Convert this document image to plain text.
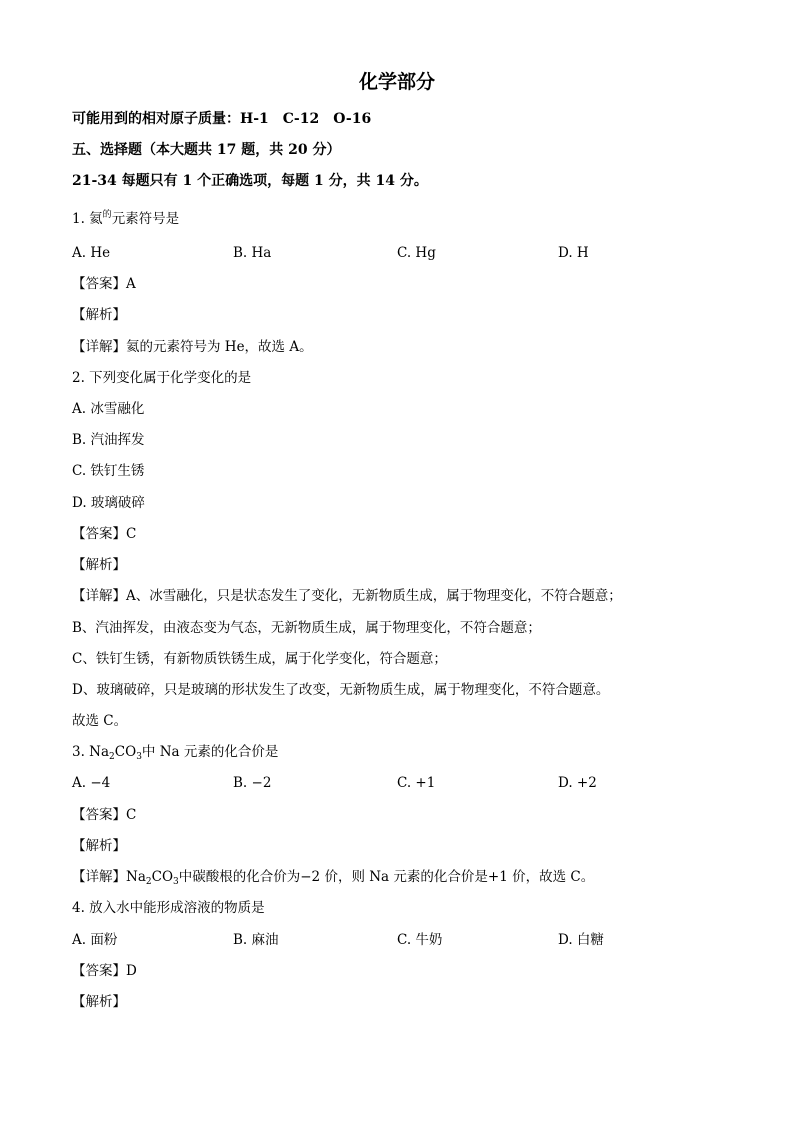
化学部分
可能用到的相对原子质量：H-1　C-12　O-16
五、选择题（本大题共 17 题，共 20 分）
21-34 每题只有 1 个正确选项，每题 1 分，共 14 分。
1. 氦$^的$元素符号是
A. He	B. Ha	C. Hg	D. H
【答案】A
【解析】
【详解】氦的元素符号为 He，故选 A。
2. 下列变化属于化学变化的是
A. 冰雪融化
B. 汽油挥发
C. 铁钉生锈
D. 玻璃破碎
【答案】C
【解析】
【详解】A、冰雪融化，只是状态发生了变化，无新物质生成，属于物理变化，不符合题意；
B、汽油挥发，由液态变为气态，无新物质生成，属于物理变化，不符合题意；
C、铁钉生锈，有新物质铁锈生成，属于化学变化，符合题意；
D、玻璃破碎，只是玻璃的形状发生了改变，无新物质生成，属于物理变化，不符合题意。
故选 C。
3. $Na_2CO_3$中 Na 元素的化合价是
A. −4	B. −2	C. +1	D. +2
【答案】C
【解析】
【详解】$Na_2CO_3$中碳酸根的化合价为−2 价，则 Na 元素的化合价是+1 价，故选 C。
4. 放入水中能形成溶液的物质是
A. 面粉	B. 麻油	C. 牛奶	D. 白糖
【答案】D
【解析】
